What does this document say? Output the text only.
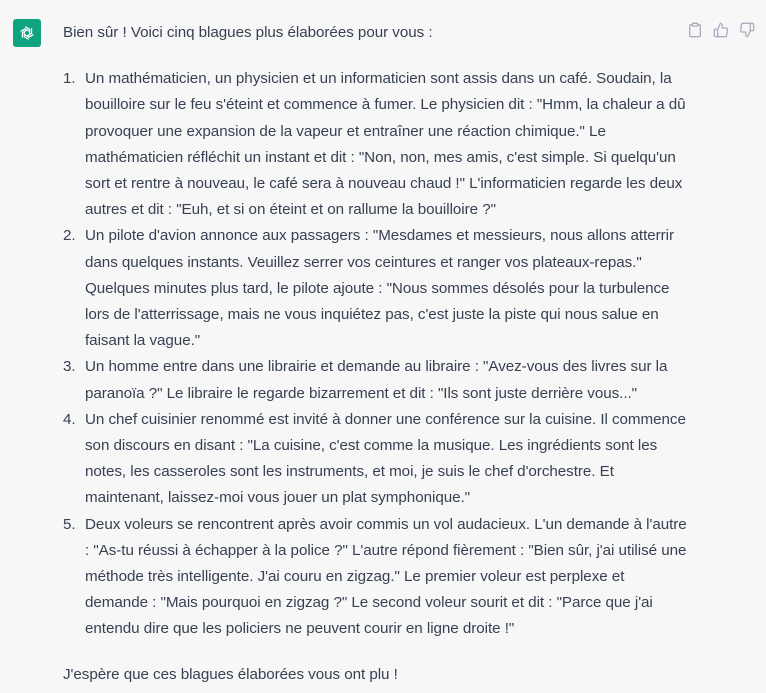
Bien sûr ! Voici cinq blagues plus élaborées pour vous :

1. Un mathématicien, un physicien et un informaticien sont assis dans un café. Soudain, la bouilloire sur le feu s'éteint et commence à fumer. Le physicien dit : "Hmm, la chaleur a dû provoquer une expansion de la vapeur et entraîner une réaction chimique." Le mathématicien réfléchit un instant et dit : "Non, non, mes amis, c'est simple. Si quelqu'un sort et rentre à nouveau, le café sera à nouveau chaud !" L'informaticien regarde les deux autres et dit : "Euh, et si on éteint et on rallume la bouilloire ?"
2. Un pilote d'avion annonce aux passagers : "Mesdames et messieurs, nous allons atterrir dans quelques instants. Veuillez serrer vos ceintures et ranger vos plateaux-repas." Quelques minutes plus tard, le pilote ajoute : "Nous sommes désolés pour la turbulence lors de l'atterrissage, mais ne vous inquiétez pas, c'est juste la piste qui nous salue en faisant la vague."
3. Un homme entre dans une librairie et demande au libraire : "Avez-vous des livres sur la paranoïa ?" Le libraire le regarde bizarrement et dit : "Ils sont juste derrière vous..."
4. Un chef cuisinier renommé est invité à donner une conférence sur la cuisine. Il commence son discours en disant : "La cuisine, c'est comme la musique. Les ingrédients sont les notes, les casseroles sont les instruments, et moi, je suis le chef d'orchestre. Et maintenant, laissez-moi vous jouer un plat symphonique."
5. Deux voleurs se rencontrent après avoir commis un vol audacieux. L'un demande à l'autre : "As-tu réussi à échapper à la police ?" L'autre répond fièrement : "Bien sûr, j'ai utilisé une méthode très intelligente. J'ai couru en zigzag." Le premier voleur est perplexe et demande : "Mais pourquoi en zigzag ?" Le second voleur sourit et dit : "Parce que j'ai entendu dire que les policiers ne peuvent courir en ligne droite !"

J'espère que ces blagues élaborées vous ont plu !
